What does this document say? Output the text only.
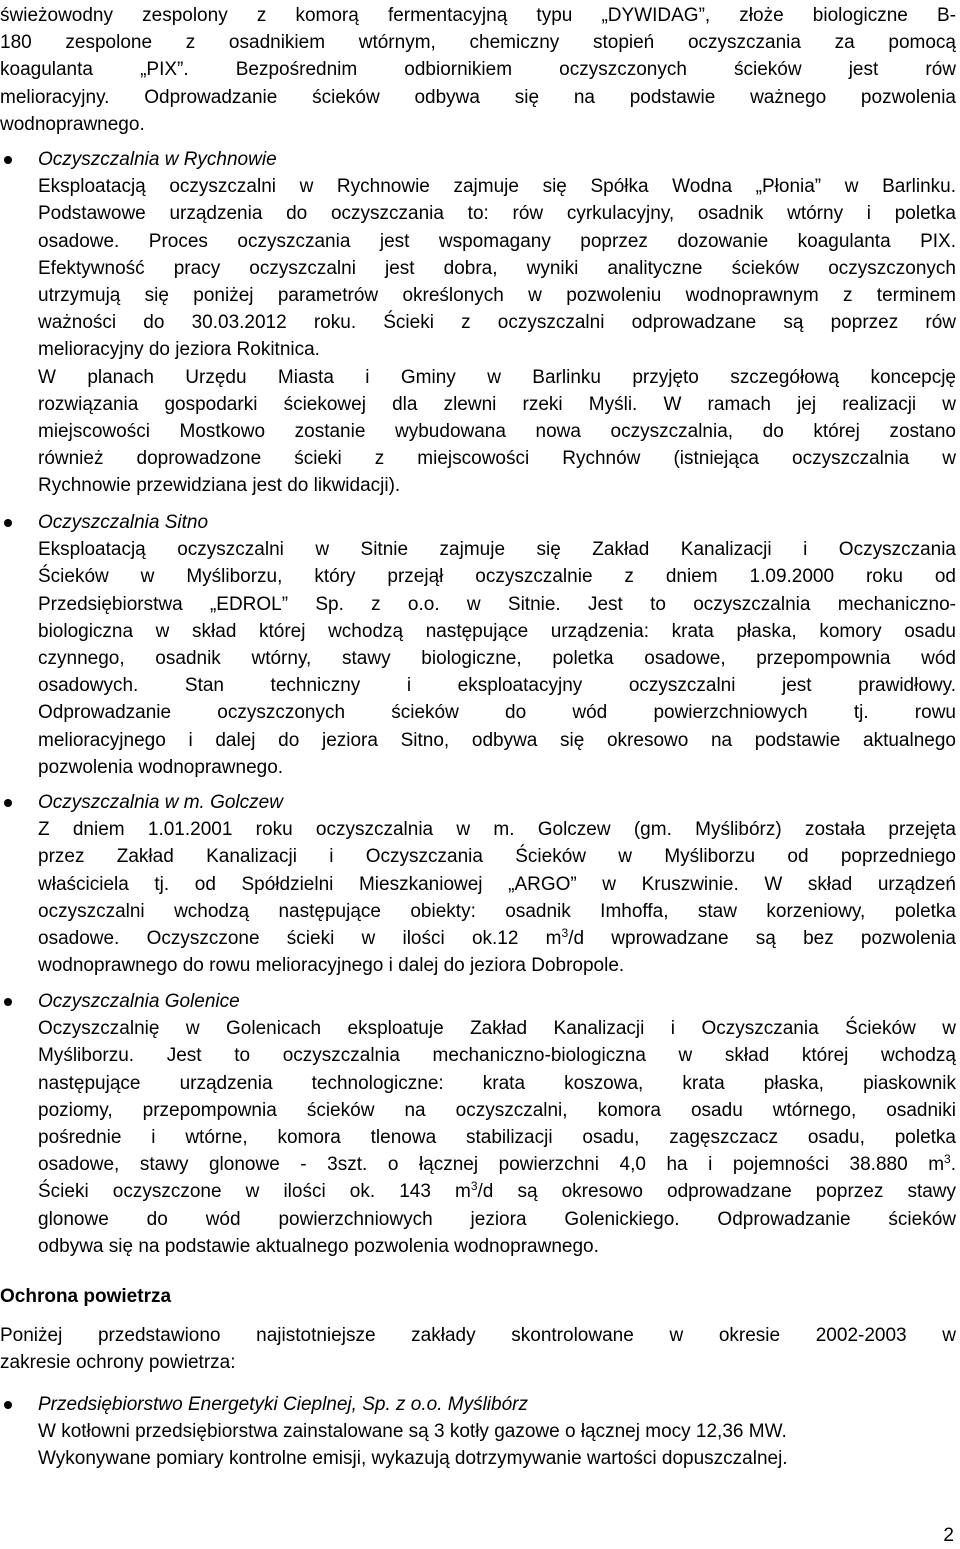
świeżowodny zespolony z komorą fermentacyjną typu „DYWIDAG”, złoże biologiczne B-
180 zespolone z osadnikiem wtórnym, chemiczny stopień oczyszczania za pomocą
koagulanta „PIX”. Bezpośrednim odbiornikiem oczyszczonych ścieków jest rów
melioracyjny. Odprowadzanie ścieków odbywa się na podstawie ważnego pozwolenia
wodnoprawnego.
Oczyszczalnia w Rychnowie
Eksploatacją oczyszczalni w Rychnowie zajmuje się Spółka Wodna „Płonia” w Barlinku.
Podstawowe urządzenia do oczyszczania to: rów cyrkulacyjny, osadnik wtórny i poletka
osadowe. Proces oczyszczania jest wspomagany poprzez dozowanie koagulanta PIX.
Efektywność pracy oczyszczalni jest dobra, wyniki analityczne ścieków oczyszczonych
utrzymują się poniżej parametrów określonych w pozwoleniu wodnoprawnym z terminem
ważności do 30.03.2012 roku. Ścieki z oczyszczalni odprowadzane są poprzez rów
melioracyjny do jeziora Rokitnica.
W planach Urzędu Miasta i Gminy w Barlinku przyjęto szczegółową koncepcję
rozwiązania gospodarki ściekowej dla zlewni rzeki Myśli. W ramach jej realizacji w
miejscowości Mostkowo zostanie wybudowana nowa oczyszczalnia, do której zostano
również doprowadzone ścieki z miejscowości Rychnów (istniejąca oczyszczalnia w
Rychnowie przewidziana jest do likwidacji).
Oczyszczalnia Sitno
Eksploatacją oczyszczalni w Sitnie zajmuje się Zakład Kanalizacji i Oczyszczania
Ścieków w Myśliborzu, który przejął oczyszczalnie z dniem 1.09.2000 roku od
Przedsiębiorstwa „EDROL” Sp. z o.o. w Sitnie. Jest to oczyszczalnia mechaniczno-
biologiczna w skład której wchodzą następujące urządzenia: krata płaska, komory osadu
czynnego, osadnik wtórny, stawy biologiczne, poletka osadowe, przepompownia wód
osadowych. Stan techniczny i eksploatacyjny oczyszczalni jest prawidłowy.
Odprowadzanie oczyszczonych ścieków do wód powierzchniowych tj. rowu
melioracyjnego i dalej do jeziora Sitno, odbywa się okresowo na podstawie aktualnego
pozwolenia wodnoprawnego.
Oczyszczalnia w m. Golczew
Z dniem 1.01.2001 roku oczyszczalnia w m. Golczew (gm. Myślibórz) została przejęta
przez Zakład Kanalizacji i Oczyszczania Ścieków w Myśliborzu od poprzedniego
właściciela tj. od Spółdzielni Mieszkaniowej „ARGO” w Kruszwinie. W skład urządzeń
oczyszczalni wchodzą następujące obiekty: osadnik Imhoffa, staw korzeniowy, poletka
osadowe. Oczyszczone ścieki w ilości ok.12 $m^3/d$ wprowadzane są bez pozwolenia
wodnoprawnego do rowu melioracyjnego i dalej do jeziora Dobropole.
Oczyszczalnia Golenice
Oczyszczalnię w Golenicach eksploatuje Zakład Kanalizacji i Oczyszczania Ścieków w
Myśliborzu. Jest to oczyszczalnia mechaniczno-biologiczna w skład której wchodzą
następujące urządzenia technologiczne: krata koszowa, krata płaska, piaskownik
poziomy, przepompownia ścieków na oczyszczalni, komora osadu wtórnego, osadniki
pośrednie i wtórne, komora tlenowa stabilizacji osadu, zagęszczacz osadu, poletka
osadowe, stawy glonowe - 3szt. o łącznej powierzchni 4,0 ha i pojemności 38.880 $m^3$.
Ścieki oczyszczone w ilości ok. 143 $m^3/d$ są okresowo odprowadzane poprzez stawy
glonowe do wód powierzchniowych jeziora Golenickiego. Odprowadzanie ścieków
odbywa się na podstawie aktualnego pozwolenia wodnoprawnego.
Ochrona powietrza
Poniżej przedstawiono najistotniejsze zakłady skontrolowane w okresie 2002-2003 w
zakresie ochrony powietrza:
Przedsiębiorstwo Energetyki Cieplnej, Sp. z o.o. Myślibórz
W kotłowni przedsiębiorstwa zainstalowane są 3 kotły gazowe o łącznej mocy 12,36 MW.
Wykonywane pomiary kontrolne emisji, wykazują dotrzymywanie wartości dopuszczalnej.
2
